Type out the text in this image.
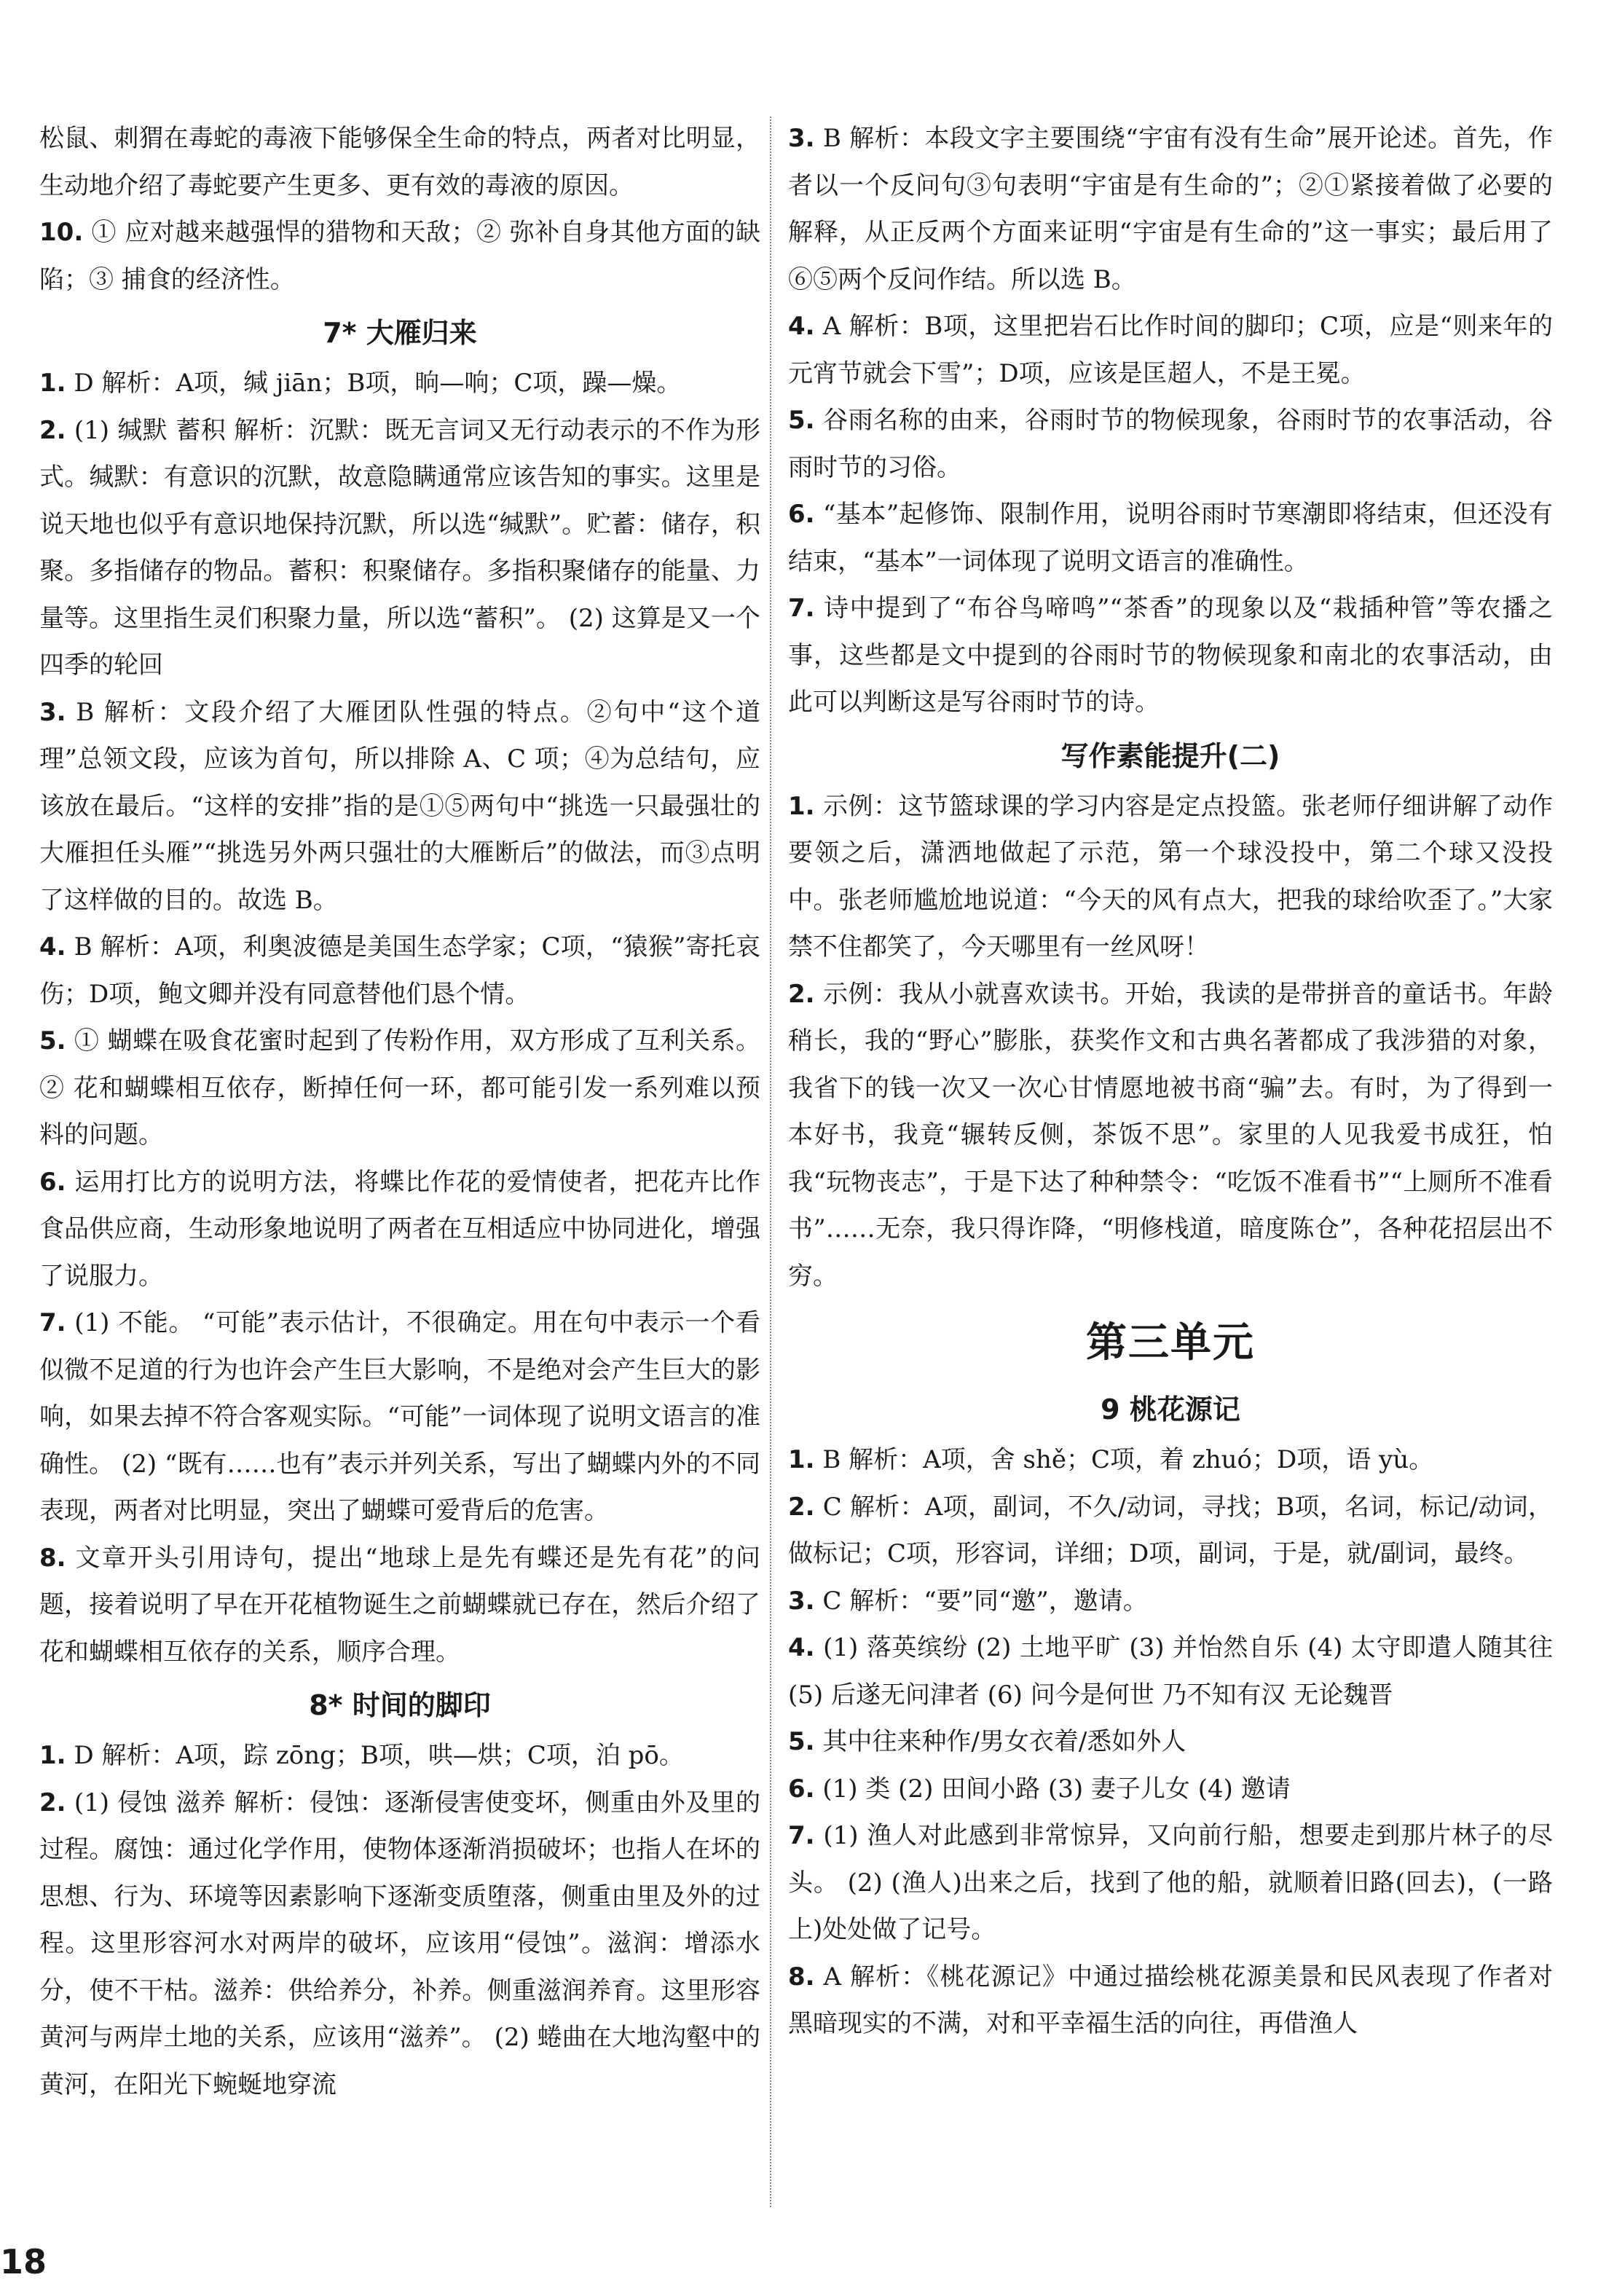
松鼠、刺猬在毒蛇的毒液下能够保全生命的特点，两者对比明显，生动地介绍了毒蛇要产生更多、更有效的毒液的原因。

10. ① 应对越来越强悍的猎物和天敌；② 弥补自身其他方面的缺陷；③ 捕食的经济性。

7* 大雁归来

1. D 解析：A项，缄 jiān；B项，晌—响；C项，躁—燥。

2. (1) 缄默 蓄积 解析：沉默：既无言词又无行动表示的不作为形式。缄默：有意识的沉默，故意隐瞒通常应该告知的事实。这里是说天地也似乎有意识地保持沉默，所以选“缄默”。贮蓄：储存，积聚。多指储存的物品。蓄积：积聚储存。多指积聚储存的能量、力量等。这里指生灵们积聚力量，所以选“蓄积”。 (2) 这算是又一个四季的轮回

3. B 解析：文段介绍了大雁团队性强的特点。②句中“这个道理”总领文段，应该为首句，所以排除 A、C 项；④为总结句，应该放在最后。“这样的安排”指的是①⑤两句中“挑选一只最强壮的大雁担任头雁”“挑选另外两只强壮的大雁断后”的做法，而③点明了这样做的目的。故选 B。

4. B 解析：A项，利奥波德是美国生态学家；C项，“猿猴”寄托哀伤；D项，鲍文卿并没有同意替他们恳个情。

5. ① 蝴蝶在吸食花蜜时起到了传粉作用，双方形成了互利关系。② 花和蝴蝶相互依存，断掉任何一环，都可能引发一系列难以预料的问题。

6. 运用打比方的说明方法，将蝶比作花的爱情使者，把花卉比作食品供应商，生动形象地说明了两者在互相适应中协同进化，增强了说服力。

7. (1) 不能。 “可能”表示估计，不很确定。用在句中表示一个看似微不足道的行为也许会产生巨大影响，不是绝对会产生巨大的影响，如果去掉不符合客观实际。“可能”一词体现了说明文语言的准确性。 (2) “既有……也有”表示并列关系，写出了蝴蝶内外的不同表现，两者对比明显，突出了蝴蝶可爱背后的危害。

8. 文章开头引用诗句，提出“地球上是先有蝶还是先有花”的问题，接着说明了早在开花植物诞生之前蝴蝶就已存在，然后介绍了花和蝴蝶相互依存的关系，顺序合理。

8* 时间的脚印

1. D 解析：A项，踪 zōng；B项，哄—烘；C项，泊 pō。

2. (1) 侵蚀 滋养 解析：侵蚀：逐渐侵害使变坏，侧重由外及里的过程。腐蚀：通过化学作用，使物体逐渐消损破坏；也指人在坏的思想、行为、环境等因素影响下逐渐变质堕落，侧重由里及外的过程。这里形容河水对两岸的破坏，应该用“侵蚀”。滋润：增添水分，使不干枯。滋养：供给养分，补养。侧重滋润养育。这里形容黄河与两岸土地的关系，应该用“滋养”。 (2) 蜷曲在大地沟壑中的黄河，在阳光下蜿蜒地穿流

3. B 解析：本段文字主要围绕“宇宙有没有生命”展开论述。首先，作者以一个反问句③句表明“宇宙是有生命的”；②①紧接着做了必要的解释，从正反两个方面来证明“宇宙是有生命的”这一事实；最后用了⑥⑤两个反问作结。所以选 B。

4. A 解析：B项，这里把岩石比作时间的脚印；C项，应是“则来年的元宵节就会下雪”；D项，应该是匡超人，不是王冕。

5. 谷雨名称的由来，谷雨时节的物候现象，谷雨时节的农事活动，谷雨时节的习俗。

6. “基本”起修饰、限制作用，说明谷雨时节寒潮即将结束，但还没有结束，“基本”一词体现了说明文语言的准确性。

7. 诗中提到了“布谷鸟啼鸣”“茶香”的现象以及“栽插种管”等农播之事，这些都是文中提到的谷雨时节的物候现象和南北的农事活动，由此可以判断这是写谷雨时节的诗。

写作素能提升(二)

1. 示例：这节篮球课的学习内容是定点投篮。张老师仔细讲解了动作要领之后，潇洒地做起了示范，第一个球没投中，第二个球又没投中。张老师尴尬地说道：“今天的风有点大，把我的球给吹歪了。”大家禁不住都笑了，今天哪里有一丝风呀！

2. 示例：我从小就喜欢读书。开始，我读的是带拼音的童话书。年龄稍长，我的“野心”膨胀，获奖作文和古典名著都成了我涉猎的对象，我省下的钱一次又一次心甘情愿地被书商“骗”去。有时，为了得到一本好书，我竟“辗转反侧，茶饭不思”。家里的人见我爱书成狂，怕我“玩物丧志”，于是下达了种种禁令：“吃饭不准看书”“上厕所不准看书”……无奈，我只得诈降，“明修栈道，暗度陈仓”，各种花招层出不穷。

第三单元
9 桃花源记

1. B 解析：A项，舍 shě；C项，着 zhuó；D项，语 yù。

2. C 解析：A项，副词，不久/动词，寻找；B项，名词，标记/动词，做标记；C项，形容词，详细；D项，副词，于是，就/副词，最终。

3. C 解析：“要”同“邀”，邀请。

4. (1) 落英缤纷 (2) 土地平旷 (3) 并怡然自乐 (4) 太守即遣人随其往 (5) 后遂无问津者 (6) 问今是何世 乃不知有汉 无论魏晋

5. 其中往来种作/男女衣着/悉如外人

6. (1) 类 (2) 田间小路 (3) 妻子儿女 (4) 邀请

7. (1) 渔人对此感到非常惊异，又向前行船，想要走到那片林子的尽头。 (2) (渔人)出来之后，找到了他的船，就顺着旧路(回去)，(一路上)处处做了记号。

8. A 解析：《桃花源记》中通过描绘桃花源美景和民风表现了作者对黑暗现实的不满，对和平幸福生活的向往，再借渔人

18
